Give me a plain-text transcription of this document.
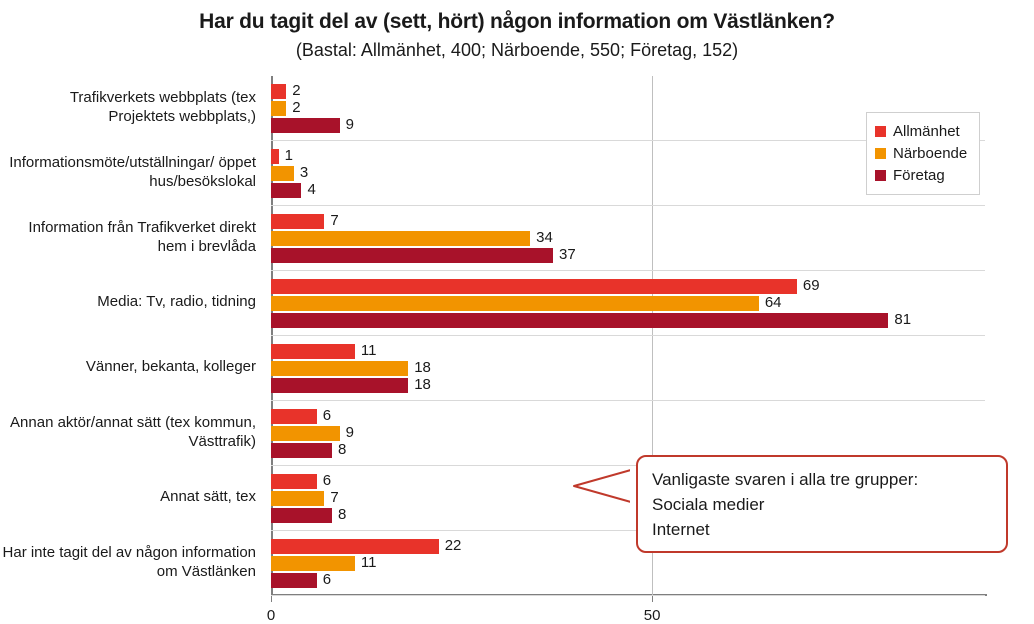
Har du tagit del av (sett, hört) någon information om Västlänken?
(Bastal: Allmänhet, 400; Närboende, 550; Företag, 152)
Trafikverkets webbplats (tex Projektets webbplats,)
Informationsmöte/utställningar/ öppet hus/besökslokal
Information från Trafikverket direkt hem i brevlåda
Media: Tv, radio, tidning
Vänner, bekanta, kolleger
Annan aktör/annat sätt (tex kommun, Västtrafik)
Annat sätt, tex
Har inte tagit del av någon information om Västlänken
0	50
2
2
9
1
3
4
7
34
37
69
64
81
11
18
18
6
9
8
6
7
8
22
11
6
Allmänhet
Närboende
Företag
Vanligaste svaren i alla tre grupper:
Sociala medier
Internet
